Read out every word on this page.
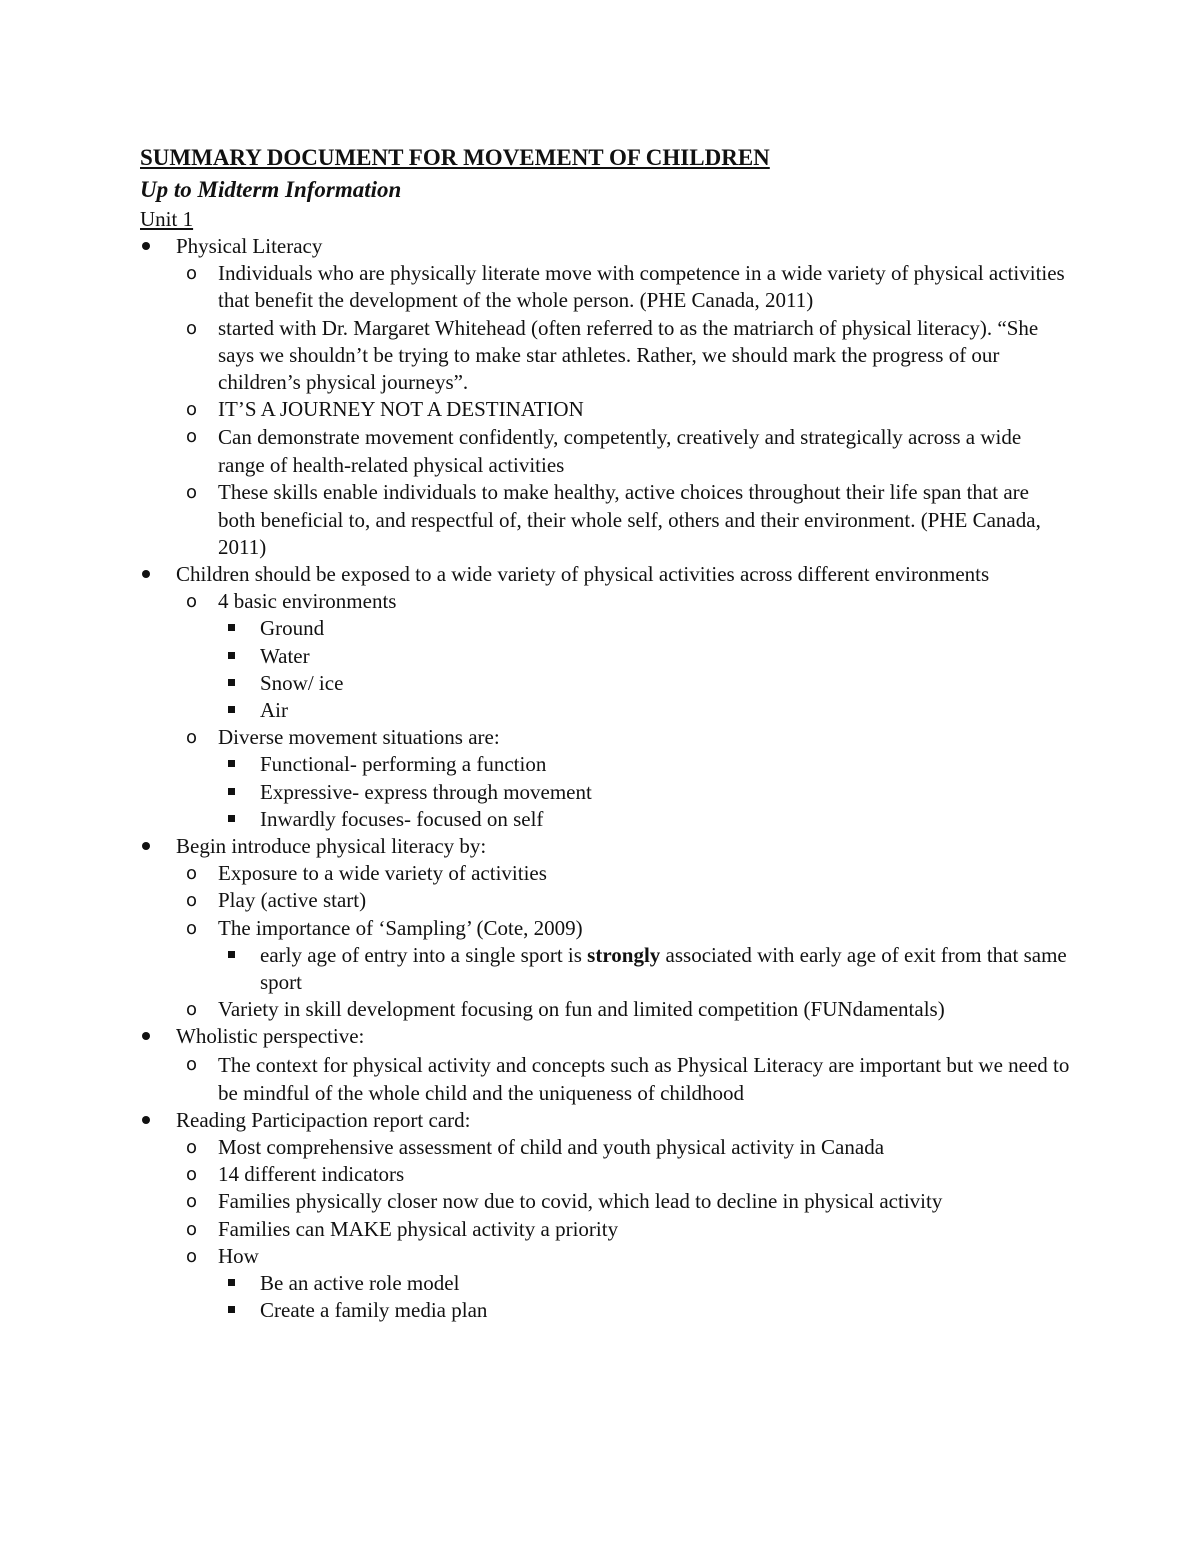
SUMMARY DOCUMENT FOR MOVEMENT OF CHILDREN

Up to Midterm Information

Unit 1

Physical Literacy
o Individuals who are physically literate move with competence in a wide variety of physical activities that benefit the development of the whole person. (PHE Canada, 2011)
o started with Dr. Margaret Whitehead (often referred to as the matriarch of physical literacy). “She says we shouldn’t be trying to make star athletes. Rather, we should mark the progress of our children’s physical journeys”.
o IT’S A JOURNEY NOT A DESTINATION
o Can demonstrate movement confidently, competently, creatively and strategically across a wide range of health-related physical activities
o These skills enable individuals to make healthy, active choices throughout their life span that are both beneficial to, and respectful of, their whole self, others and their environment. (PHE Canada, 2011)
Children should be exposed to a wide variety of physical activities across different environments
o 4 basic environments
Ground
Water
Snow/ ice
Air
o Diverse movement situations are:
Functional- performing a function
Expressive- express through movement
Inwardly focuses- focused on self
Begin introduce physical literacy by:
o Exposure to a wide variety of activities
o Play (active start)
o The importance of ‘Sampling’ (Cote, 2009)
early age of entry into a single sport is strongly associated with early age of exit from that same sport
o Variety in skill development focusing on fun and limited competition (FUNdamentals)
Wholistic perspective:
o The context for physical activity and concepts such as Physical Literacy are important but we need to be mindful of the whole child and the uniqueness of childhood
Reading Participaction report card:
o Most comprehensive assessment of child and youth physical activity in Canada
o 14 different indicators
o Families physically closer now due to covid, which lead to decline in physical activity
o Families can MAKE physical activity a priority
o How
Be an active role model
Create a family media plan
